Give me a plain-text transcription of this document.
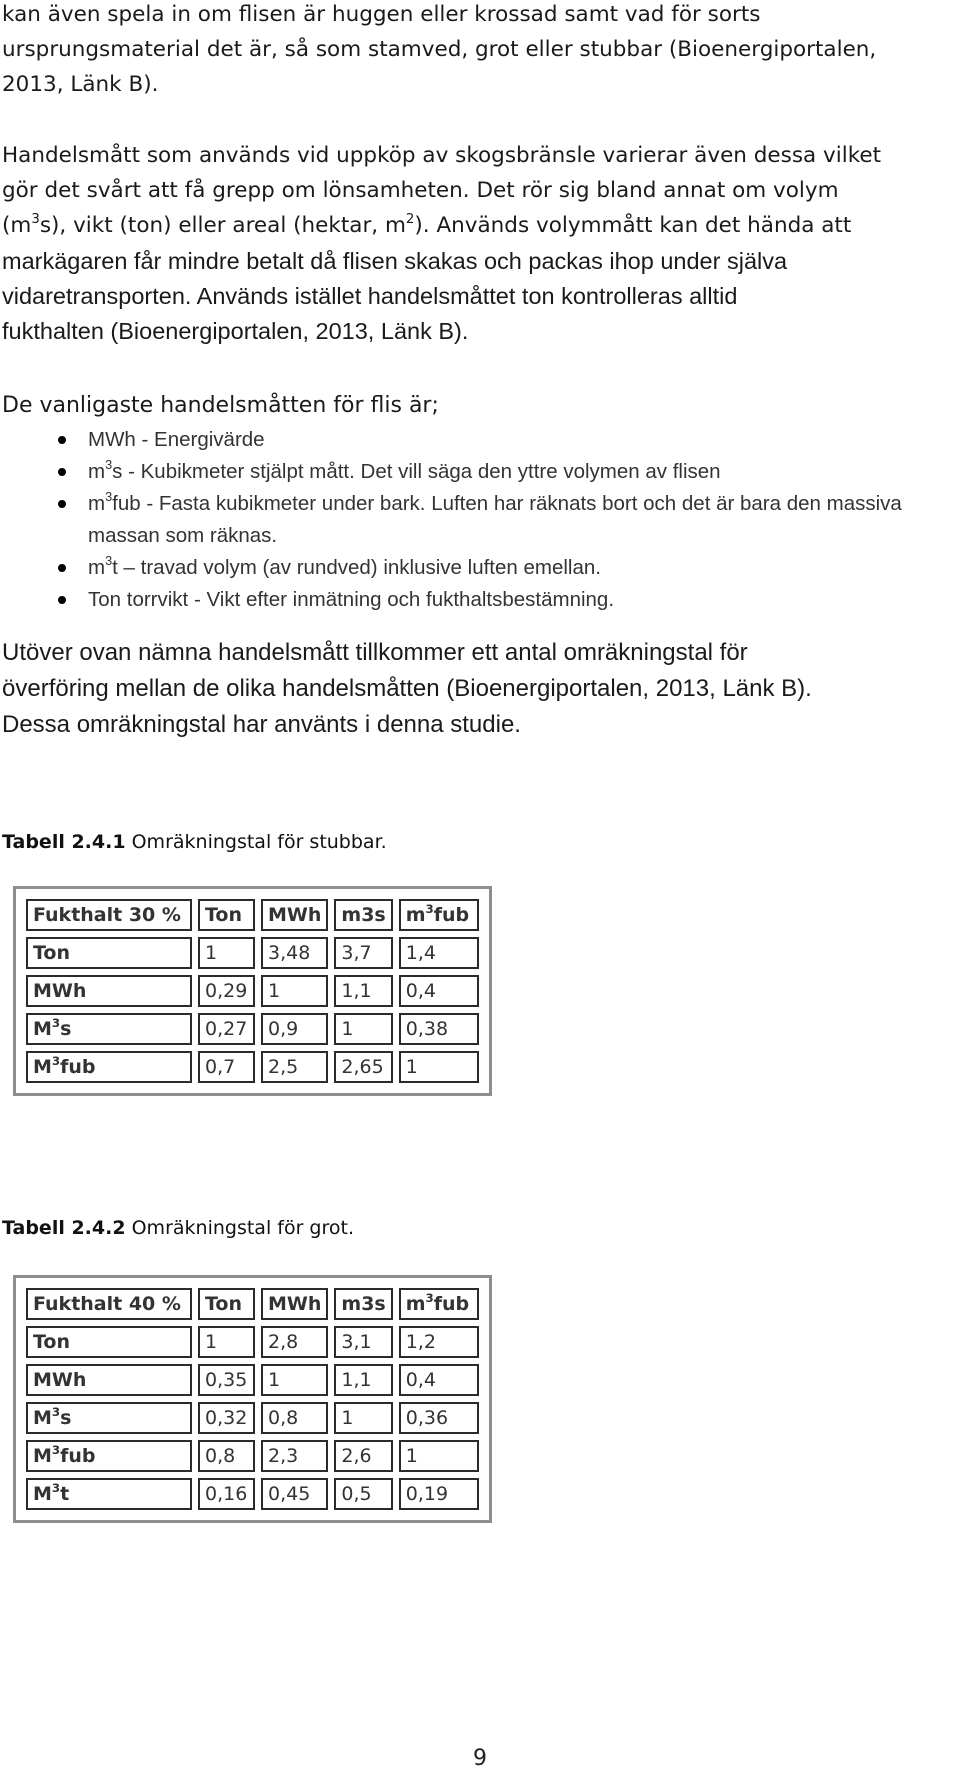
kan även spela in om flisen är huggen eller krossad samt vad för sorts

ursprungsmaterial det är, så som stamved, grot eller stubbar (Bioenergiportalen,

2013, Länk B).

Handelsmått som används vid uppköp av skogsbränsle varierar även dessa vilket

gör det svårt att få grepp om lönsamheten. Det rör sig bland annat om volym

$(m^3s)$, vikt (ton) eller areal (hektar, $m^2$). Används volymmått kan det hända att

markägaren får mindre betalt då flisen skakas och packas ihop under själva

vidaretransporten. Används istället handelsmåttet ton kontrolleras alltid

fukthalten (Bioenergiportalen, 2013, Länk B).

De vanligaste handelsmåtten för flis är;

MWh - Energivärde
$m^3s$ - Kubikmeter stjälpt mått. Det vill säga den yttre volymen av flisen
$m^3fub$ - Fasta kubikmeter under bark. Luften har räknats bort och det är bara den massiva massan som räknas.
$m^3t$ – travad volym (av rundved) inklusive luften emellan.
Ton torrvikt - Vikt efter inmätning och fukthaltsbestämning.
Utöver ovan nämna handelsmått tillkommer ett antal omräkningstal för
överföring mellan de olika handelsmåtten (Bioenergiportalen, 2013, Länk B).
Dessa omräkningstal har använts i denna studie.

Tabell 2.4.1 Omräkningstal för stubbar.

Fukthalt 30 %	Ton	MWh	m3s	$m^3fub$
Ton	1	3,48	3,7	1,4
MWh	0,29	1	1,1	0,4
$M^3s$	0,27	0,9	1	0,38
$M^3fub$	0,7	2,5	2,65	1

Tabell 2.4.2 Omräkningstal för grot.

Fukthalt 40 %	Ton	MWh	m3s	$m^3fub$
Ton	1	2,8	3,1	1,2
MWh	0,35	1	1,1	0,4
$M^3s$	0,32	0,8	1	0,36
$M^3fub$	0,8	2,3	2,6	1
$M^3t$	0,16	0,45	0,5	0,19
9
